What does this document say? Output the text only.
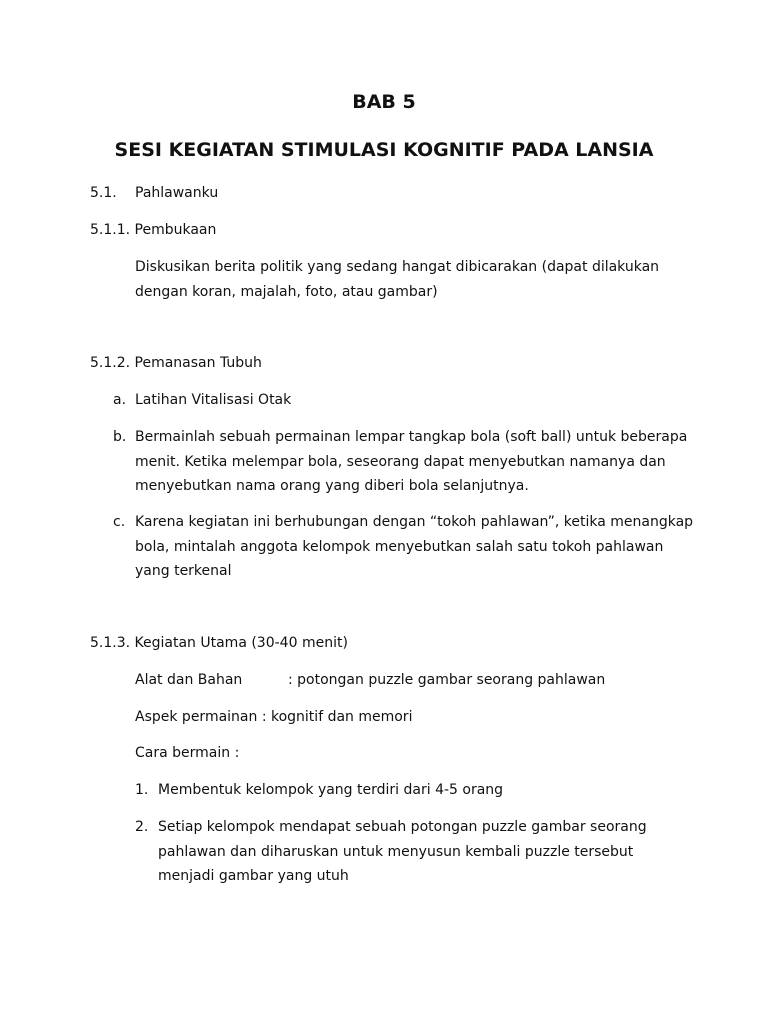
BAB 5
SESI KEGIATAN STIMULASI KOGNITIF PADA LANSIA
5.1. Pahlawanku
5.1.1. Pembukaan

Diskusikan berita politik yang sedang hangat dibicarakan (dapat dilakukan dengan koran, majalah, foto, atau gambar)

5.1.2. Pemanasan Tubuh
a. Latihan Vitalisasi Otak

b. Bermainlah sebuah permainan lempar tangkap bola (soft ball) untuk beberapa menit. Ketika melempar bola, seseorang dapat menyebutkan namanya dan menyebutkan nama orang yang diberi bola selanjutnya.

c. Karena kegiatan ini berhubungan dengan “tokoh pahlawan”, ketika menangkap bola, mintalah anggota kelompok menyebutkan salah satu tokoh pahlawan yang terkenal

5.1.3. Kegiatan Utama (30-40 menit)
Alat dan Bahan	: potongan puzzle gambar seorang pahlawan
Aspek permainan : kognitif dan memori
Cara bermain :
1. Membentuk kelompok yang terdiri dari 4-5 orang

2. Setiap kelompok mendapat sebuah potongan puzzle gambar seorang pahlawan dan diharuskan untuk menyusun kembali puzzle tersebut menjadi gambar yang utuh
